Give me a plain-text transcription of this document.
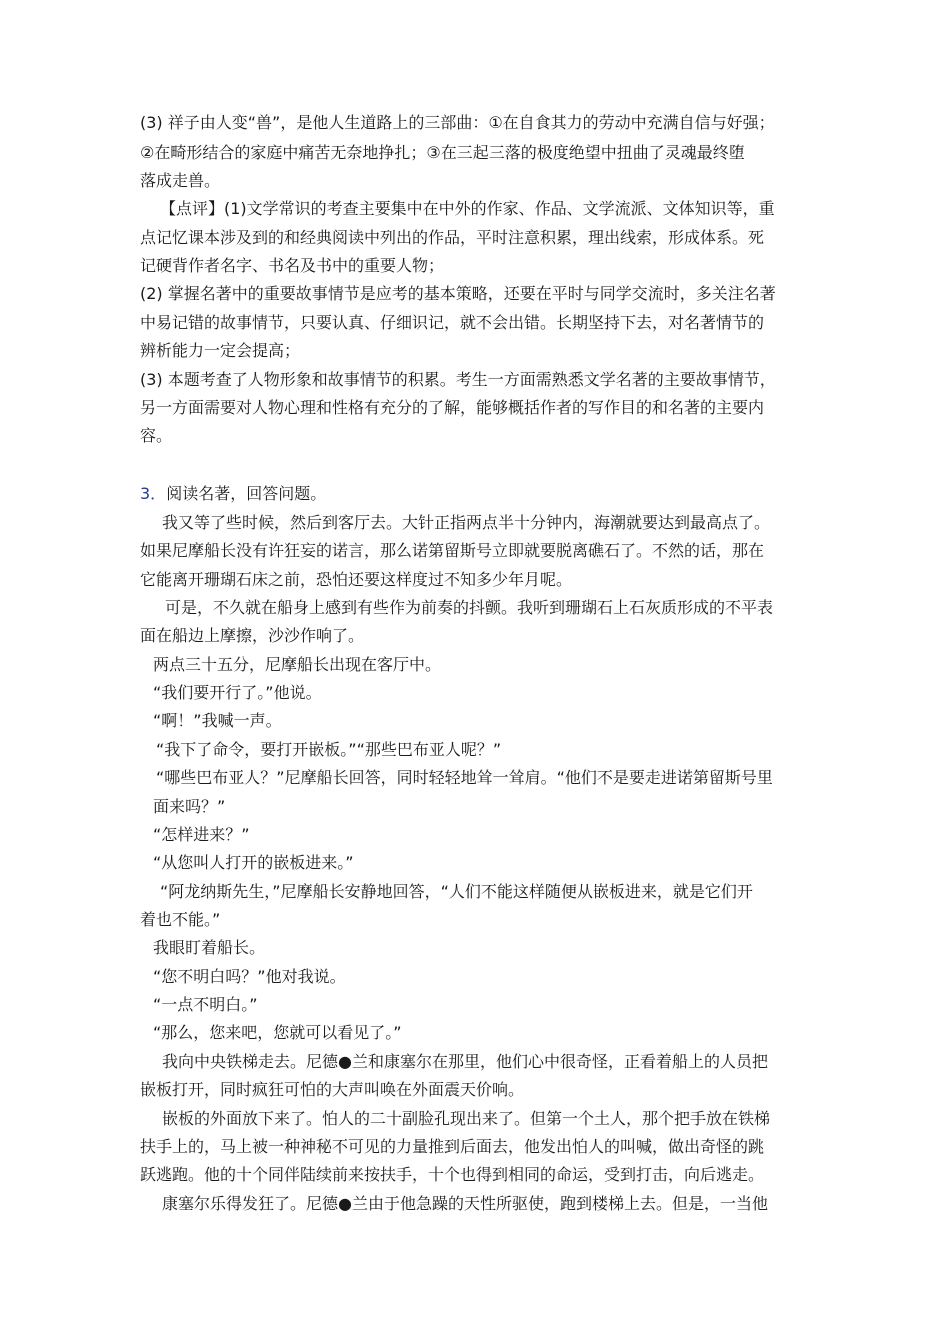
(3) 祥子由人变“兽”，是他人生道路上的三部曲：①在自食其力的劳动中充满自信与好强；
②在畸形结合的家庭中痛苦无奈地挣扎；③在三起三落的极度绝望中扭曲了灵魂最终堕
落成走兽。
【点评】(1)文学常识的考查主要集中在中外的作家、作品、文学流派、文体知识等，重
点记忆课本涉及到的和经典阅读中列出的作品，平时注意积累，理出线索，形成体系。死
记硬背作者名字、书名及书中的重要人物；
(2) 掌握名著中的重要故事情节是应考的基本策略，还要在平时与同学交流时，多关注名著
中易记错的故事情节，只要认真、仔细识记，就不会出错。长期坚持下去，对名著情节的
辨析能力一定会提高；
(3) 本题考查了人物形象和故事情节的积累。考生一方面需熟悉文学名著的主要故事情节，
另一方面需要对人物心理和性格有充分的了解，能够概括作者的写作目的和名著的主要内
容。
3．阅读名著，回答问题。
我又等了些时候，然后到客厅去。大针正指两点半十分钟内，海潮就要达到最高点了。
如果尼摩船长没有许狂妄的诺言，那么诺第留斯号立即就要脱离礁石了。不然的话，那在
它能离开珊瑚石床之前，恐怕还要这样度过不知多少年月呢。
可是，不久就在船身上感到有些作为前奏的抖颤。我听到珊瑚石上石灰质形成的不平表
面在船边上摩擦，沙沙作响了。
两点三十五分，尼摩船长出现在客厅中。
“我们要开行了。”他说。
“啊！”我喊一声。
“我下了命令，要打开嵌板。”“那些巴布亚人呢？”
“哪些巴布亚人？”尼摩船长回答，同时轻轻地耸一耸肩。“他们不是要走进诺第留斯号里
面来吗？”
“怎样进来？”
“从您叫人打开的嵌板进来。”
“阿龙纳斯先生，”尼摩船长安静地回答，“人们不能这样随便从嵌板进来，就是它们开
着也不能。”
我眼盯着船长。
“您不明白吗？”他对我说。
“一点不明白。”
“那么，您来吧，您就可以看见了。”
我向中央铁梯走去。尼德●兰和康塞尔在那里，他们心中很奇怪，正看着船上的人员把
嵌板打开，同时疯狂可怕的大声叫唤在外面震天价响。
嵌板的外面放下来了。怕人的二十副脸孔现出来了。但第一个土人，那个把手放在铁梯
扶手上的，马上被一种神秘不可见的力量推到后面去，他发出怕人的叫喊，做出奇怪的跳
跃逃跑。他的十个同伴陆续前来按扶手，十个也得到相同的命运，受到打击，向后逃走。
康塞尔乐得发狂了。尼德●兰由于他急躁的天性所驱使，跑到楼梯上去。但是，一当他
